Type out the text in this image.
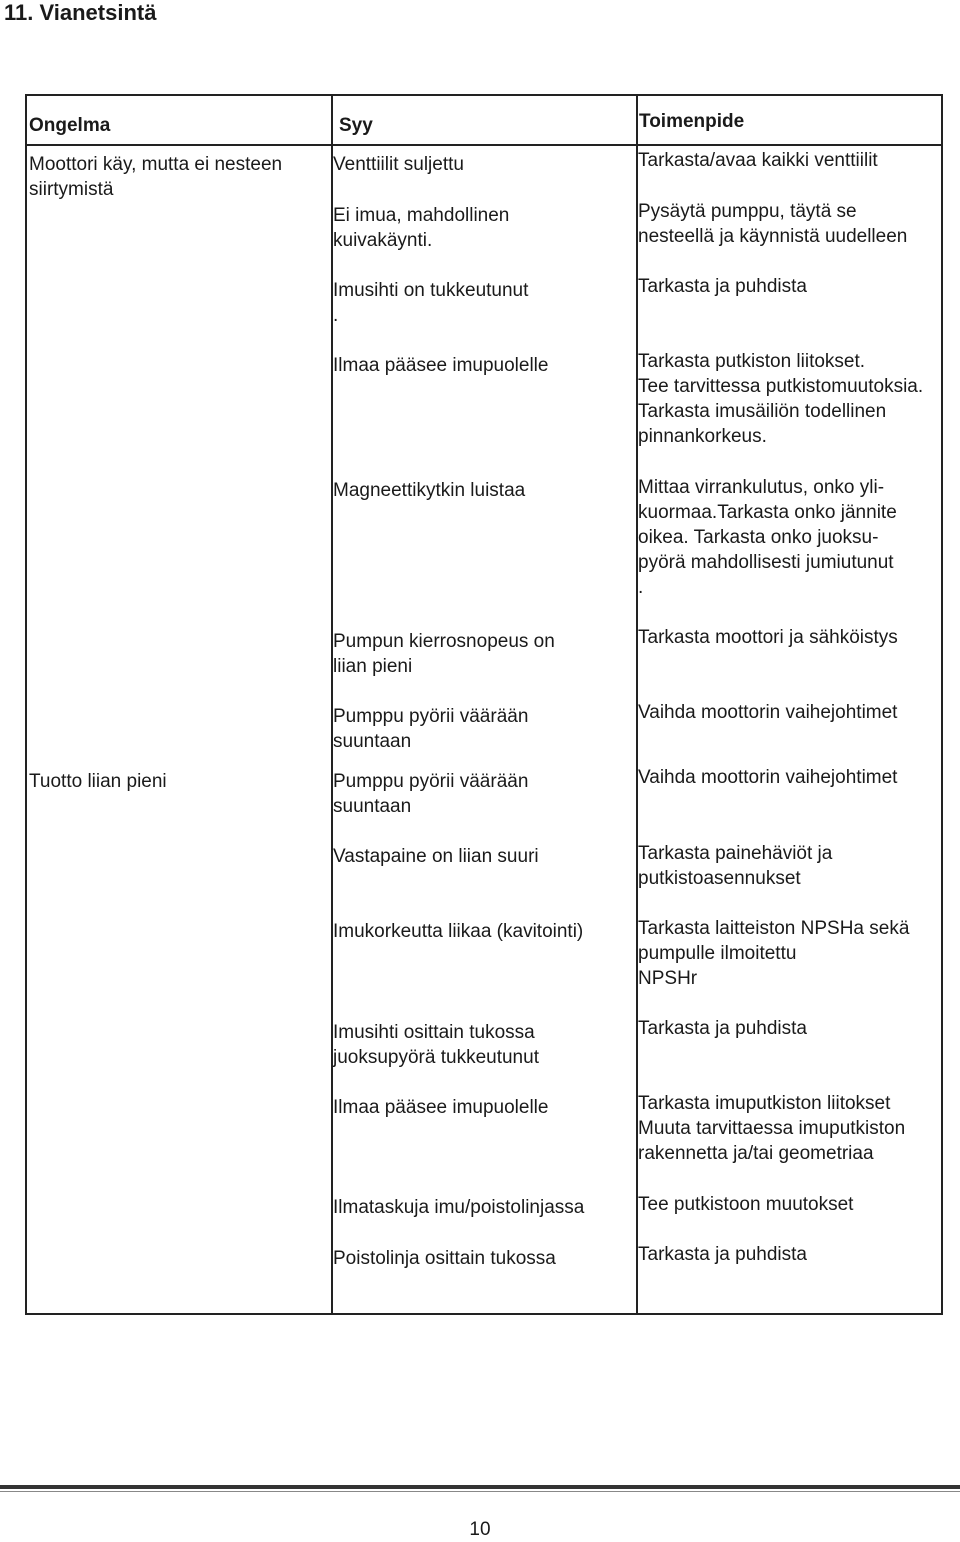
11. Vianetsintä
Ongelma	Syy	Toimenpide
Moottori käy, mutta ei nesteen
siirtymistä
Tuotto liian pieni
Venttiilit suljettu
Ei imua, mahdollinen
kuivakäynti.
Imusihti on tukkeutunut
.
Ilmaa pääsee imupuolelle
Magneettikytkin luistaa
Pumpun kierrosnopeus on
liian pieni
Pumppu pyörii väärään
suuntaan
Pumppu pyörii väärään
suuntaan
Vastapaine on liian suuri
Imukorkeutta liikaa (kavitointi)
Imusihti osittain tukossa
juoksupyörä tukkeutunut
Ilmaa pääsee imupuolelle
Ilmataskuja imu/poistolinjassa
Poistolinja osittain tukossa
Tarkasta/avaa kaikki venttiilit
Pysäytä pumppu, täytä se
nesteellä ja käynnistä uudelleen
Tarkasta ja puhdista
Tarkasta putkiston liitokset.
Tee tarvittessa putkistomuutoksia.
Tarkasta imusäiliön todellinen
pinnankorkeus.
Mittaa virrankulutus, onko yli-
kuormaa.Tarkasta onko jännite
oikea. Tarkasta onko juoksu-
pyörä mahdollisesti jumiutunut
.
Tarkasta moottori ja sähköistys
Vaihda moottorin vaihejohtimet
Vaihda moottorin vaihejohtimet
Tarkasta painehäviöt ja
putkistoasennukset
Tarkasta laitteiston NPSHa sekä
pumpulle ilmoitettu
NPSHr
Tarkasta ja puhdista
Tarkasta imuputkiston liitokset
Muuta tarvittaessa imuputkiston
rakennetta ja/tai geometriaa
Tee putkistoon muutokset
Tarkasta ja puhdista
10
